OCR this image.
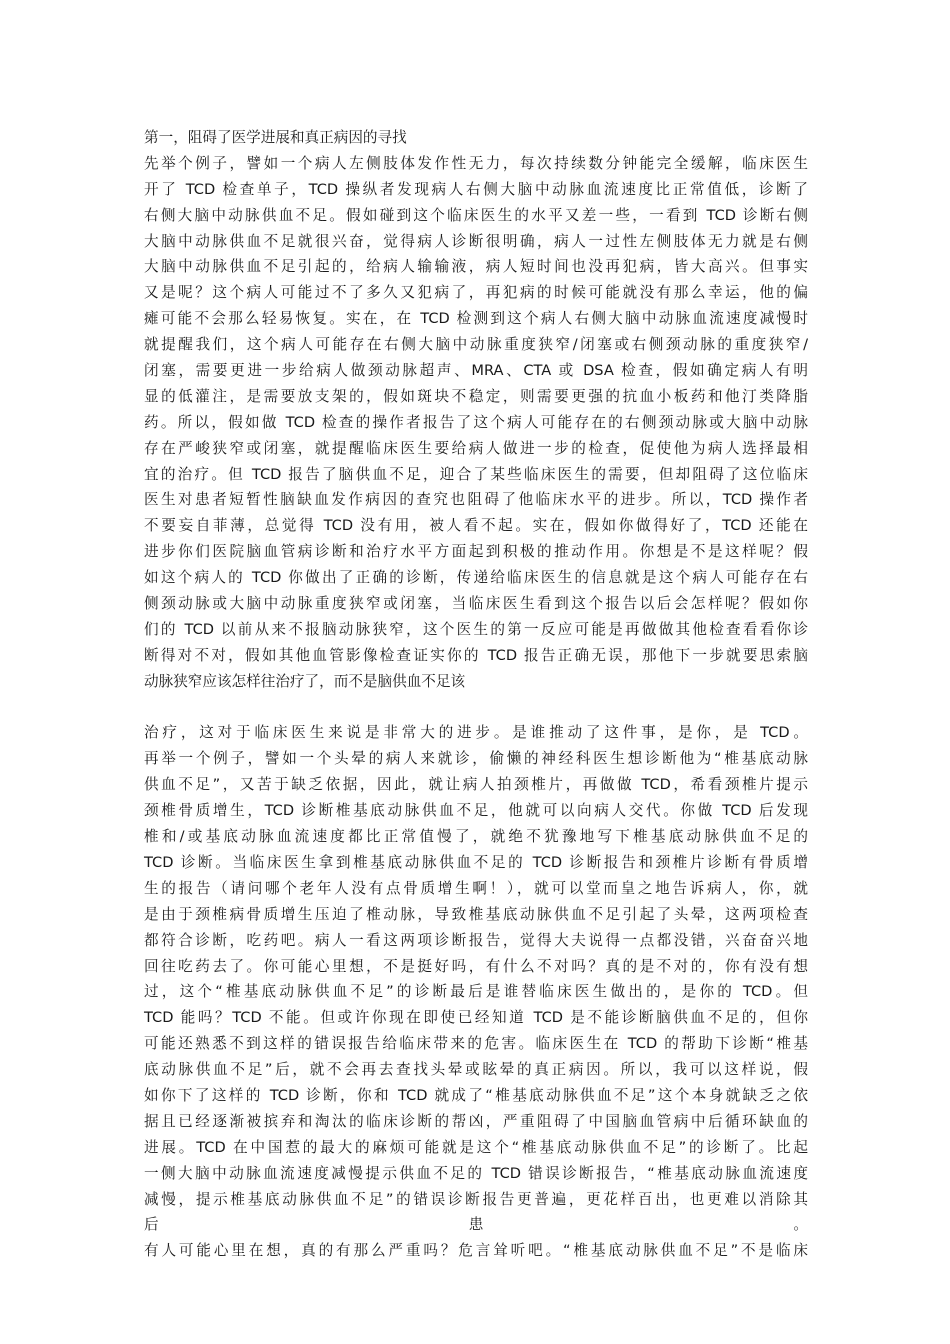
第一，阻碍了医学进展和真正病因的寻找
先举个例子，譬如一个病人左侧肢体发作性无力，每次持续数分钟能完全缓解，临床医生
开了 TCD 检查单子，TCD 操纵者发现病人右侧大脑中动脉血流速度比正常值低，诊断了
右侧大脑中动脉供血不足。假如碰到这个临床医生的水平又差一些，一看到 TCD 诊断右侧
大脑中动脉供血不足就很兴奋，觉得病人诊断很明确，病人一过性左侧肢体无力就是右侧
大脑中动脉供血不足引起的，给病人输输液，病人短时间也没再犯病，皆大高兴。但事实
又是呢？这个病人可能过不了多久又犯病了，再犯病的时候可能就没有那么幸运，他的偏
瘫可能不会那么轻易恢复。实在，在 TCD 检测到这个病人右侧大脑中动脉血流速度减慢时
就提醒我们，这个病人可能存在右侧大脑中动脉重度狭窄/闭塞或右侧颈动脉的重度狭窄/
闭塞，需要更进一步给病人做颈动脉超声、MRA、CTA 或 DSA 检查，假如确定病人有明
显的低灌注，是需要放支架的，假如斑块不稳定，则需要更强的抗血小板药和他汀类降脂
药。所以，假如做 TCD 检查的操作者报告了这个病人可能存在的右侧颈动脉或大脑中动脉
存在严峻狭窄或闭塞，就提醒临床医生要给病人做进一步的检查，促使他为病人选择最相
宜的治疗。但 TCD 报告了脑供血不足，迎合了某些临床医生的需要，但却阻碍了这位临床
医生对患者短暂性脑缺血发作病因的查究也阻碍了他临床水平的进步。所以，TCD 操作者
不要妄自菲薄，总觉得 TCD 没有用，被人看不起。实在，假如你做得好了，TCD 还能在
进步你们医院脑血管病诊断和治疗水平方面起到积极的推动作用。你想是不是这样呢？假
如这个病人的 TCD 你做出了正确的诊断，传递给临床医生的信息就是这个病人可能存在右
侧颈动脉或大脑中动脉重度狭窄或闭塞，当临床医生看到这个报告以后会怎样呢？假如你
们的 TCD 以前从来不报脑动脉狭窄，这个医生的第一反应可能是再做做其他检查看看你诊
断得对不对，假如其他血管影像检查证实你的 TCD 报告正确无误，那他下一步就要思索脑
动脉狭窄应该怎样往治疗了，而不是脑供血不足该
治疗，这对于临床医生来说是非常大的进步。是谁推动了这件事，是你，是 TCD。
再举一个例子，譬如一个头晕的病人来就诊，偷懒的神经科医生想诊断他为“椎基底动脉
供血不足”，又苦于缺乏依据，因此，就让病人拍颈椎片，再做做 TCD，希看颈椎片提示
颈椎骨质增生，TCD 诊断椎基底动脉供血不足，他就可以向病人交代。你做 TCD 后发现
椎和/或基底动脉血流速度都比正常值慢了，就绝不犹豫地写下椎基底动脉供血不足的
TCD 诊断。当临床医生拿到椎基底动脉供血不足的 TCD 诊断报告和颈椎片诊断有骨质增
生的报告（请问哪个老年人没有点骨质增生啊！），就可以堂而皇之地告诉病人，你，就
是由于颈椎病骨质增生压迫了椎动脉，导致椎基底动脉供血不足引起了头晕，这两项检查
都符合诊断，吃药吧。病人一看这两项诊断报告，觉得大夫说得一点都没错，兴奋奋兴地
回往吃药去了。你可能心里想，不是挺好吗，有什么不对吗？真的是不对的，你有没有想
过，这个“椎基底动脉供血不足”的诊断最后是谁替临床医生做出的，是你的 TCD。但
TCD 能吗？TCD 不能。但或许你现在即使已经知道 TCD 是不能诊断脑供血不足的，但你
可能还熟悉不到这样的错误报告给临床带来的危害。临床医生在 TCD 的帮助下诊断“椎基
底动脉供血不足”后，就不会再去查找头晕或眩晕的真正病因。所以，我可以这样说，假
如你下了这样的 TCD 诊断，你和 TCD 就成了“椎基底动脉供血不足”这个本身就缺乏之依
据且已经逐渐被摈弃和淘汰的临床诊断的帮凶，严重阻碍了中国脑血管病中后循环缺血的
进展。TCD 在中国惹的最大的麻烦可能就是这个“椎基底动脉供血不足”的诊断了。比起
一侧大脑中动脉血流速度减慢提示供血不足的 TCD 错误诊断报告，“椎基底动脉血流速度
减慢，提示椎基底动脉供血不足”的错误诊断报告更普遍，更花样百出，也更难以消除其
后　　　　　　　　　　　　　　　　患　　　　　　　　　　　　　　　　。
有人可能心里在想，真的有那么严重吗？危言耸听吧。“椎基底动脉供血不足”不是临床
